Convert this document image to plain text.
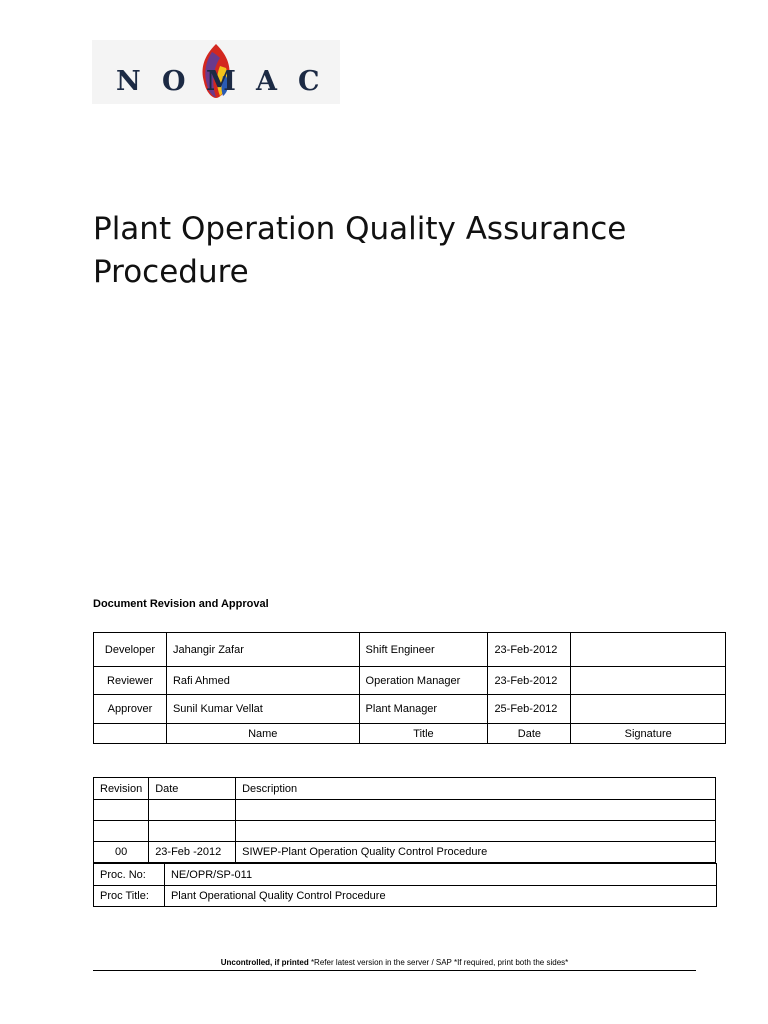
N O M A C
Plant Operation Quality Assurance
Procedure
Document Revision and Approval
Developer	Jahangir Zafar	Shift Engineer	23-Feb-2012	
Reviewer	Rafi Ahmed	Operation Manager	23-Feb-2012	
Approver	Sunil Kumar Vellat	Plant Manager	25-Feb-2012	
	Name	Title	Date	Signature
Revision	Date	Description

00	23-Feb -2012	SIWEP-Plant Operation Quality Control Procedure
Proc. No:	NE/OPR/SP-011
Proc Title:	Plant Operational Quality Control Procedure
Uncontrolled, if printed *Refer latest version in the server / SAP *If required, print both the sides*
